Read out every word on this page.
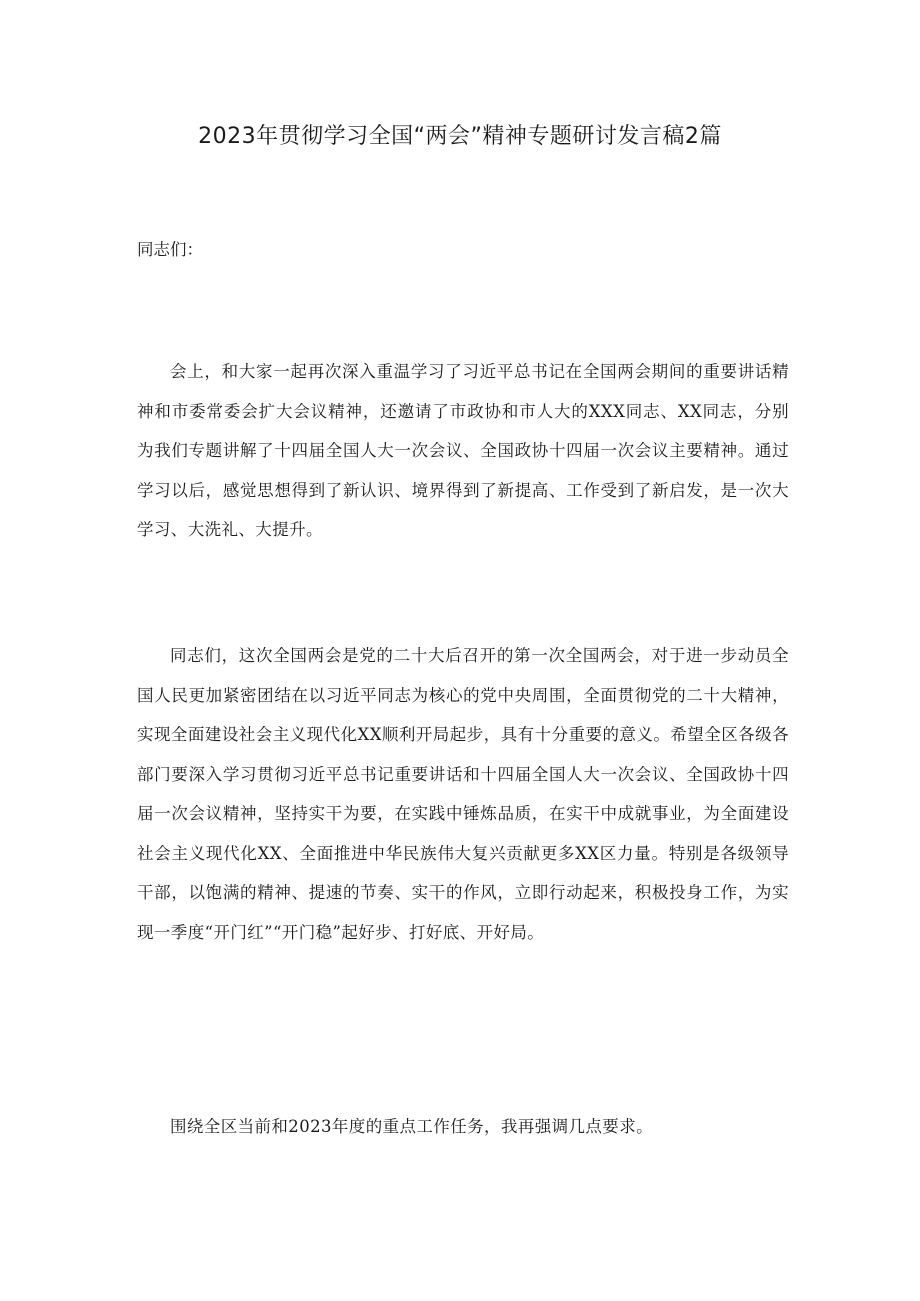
2023年贯彻学习全国“两会”精神专题研讨发言稿2篇

同志们：

会上，和大家一起再次深入重温学习了习近平总书记在全国两会期间的重要讲话精神和市委常委会扩大会议精神，还邀请了市政协和市人大的XXX同志、XX同志，分别为我们专题讲解了十四届全国人大一次会议、全国政协十四届一次会议主要精神。通过学习以后，感觉思想得到了新认识、境界得到了新提高、工作受到了新启发，是一次大学习、大洗礼、大提升。

同志们，这次全国两会是党的二十大后召开的第一次全国两会，对于进一步动员全国人民更加紧密团结在以习近平同志为核心的党中央周围，全面贯彻党的二十大精神，实现全面建设社会主义现代化XX顺利开局起步，具有十分重要的意义。希望全区各级各部门要深入学习贯彻习近平总书记重要讲话和十四届全国人大一次会议、全国政协十四届一次会议精神，坚持实干为要，在实践中锤炼品质，在实干中成就事业，为全面建设社会主义现代化XX、全面推进中华民族伟大复兴贡献更多XX区力量。特别是各级领导干部，以饱满的精神、提速的节奏、实干的作风，立即行动起来，积极投身工作，为实现一季度“开门红”“开门稳”起好步、打好底、开好局。

围绕全区当前和2023年度的重点工作任务，我再强调几点要求。
